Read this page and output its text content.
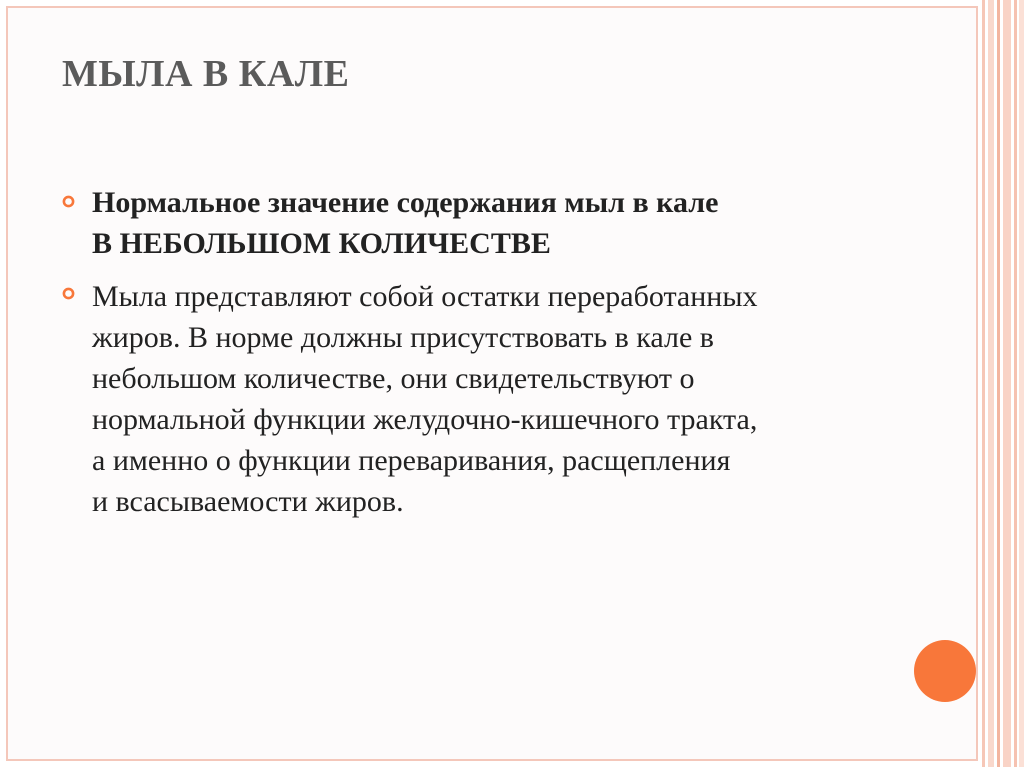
МЫЛА В КАЛЕ
Нормальное значение содержания мыл в кале
В НЕБОЛЬШОМ КОЛИЧЕСТВЕ
Мыла представляют собой остатки переработанных
жиров. В норме должны присутствовать в кале в
небольшом количестве, они свидетельствуют о
нормальной функции желудочно-кишечного тракта,
а именно о функции переваривания, расщепления
и всасываемости жиров.
